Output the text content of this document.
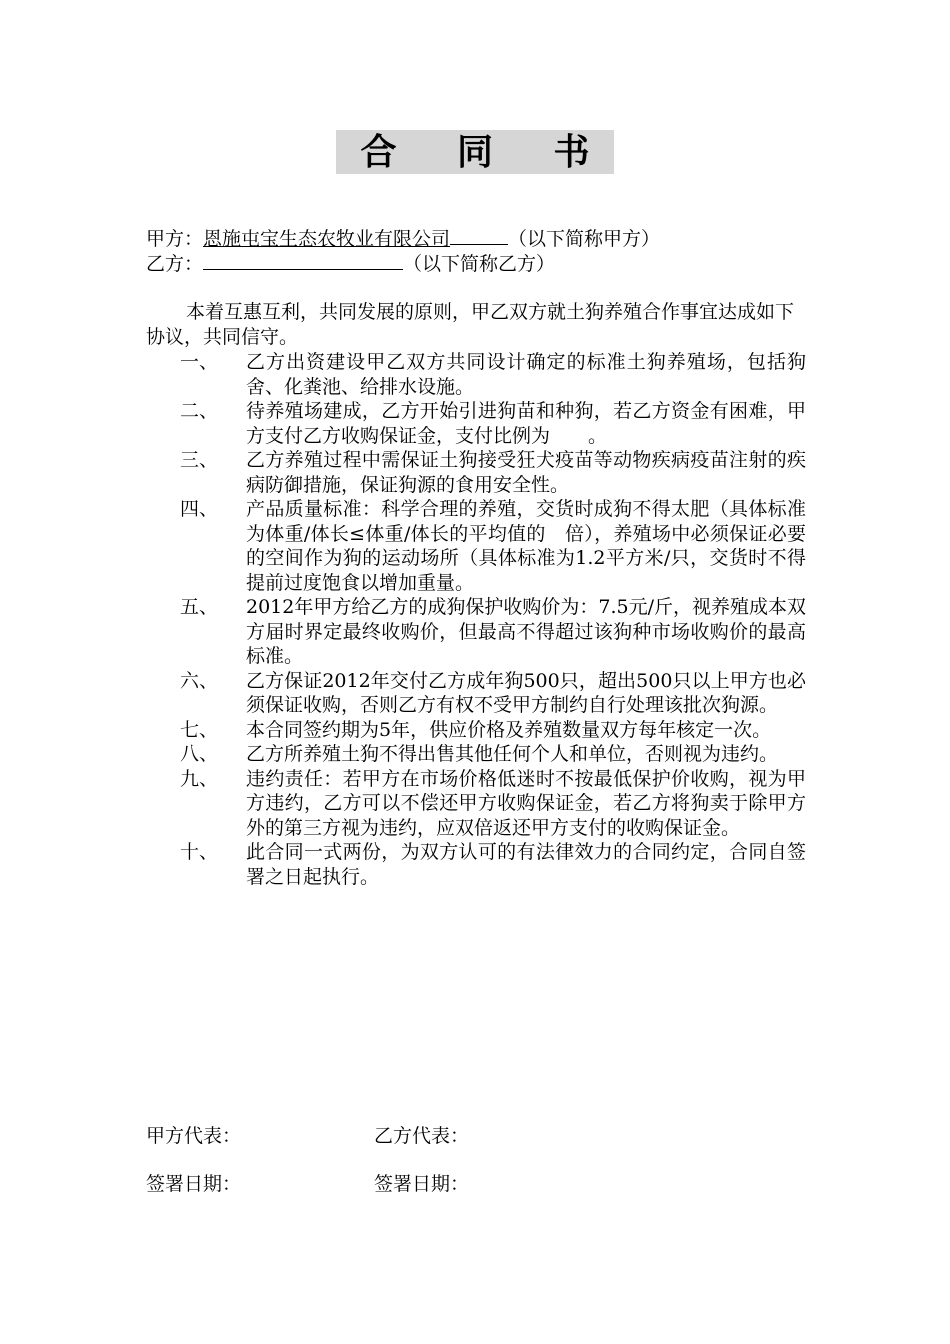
合 同 书
甲方：恩施屯宝生态农牧业有限公司	（以下简称甲方）
乙方：	（以下简称乙方）
本着互惠互利，共同发展的原则，甲乙双方就土狗养殖合作事宜达成如下协议，共同信守。
一、	乙方出资建设甲乙双方共同设计确定的标准土狗养殖场，包括狗舍、化粪池、给排水设施。
二、	待养殖场建成，乙方开始引进狗苗和种狗，若乙方资金有困难，甲方支付乙方收购保证金，支付比例为　　。
三、	乙方养殖过程中需保证土狗接受狂犬疫苗等动物疾病疫苗注射的疾病防御措施，保证狗源的食用安全性。
四、	产品质量标准：科学合理的养殖，交货时成狗不得太肥（具体标准为体重/体长≤体重/体长的平均值的　倍），养殖场中必须保证必要的空间作为狗的运动场所（具体标准为1.2平方米/只，交货时不得提前过度饱食以增加重量。
五、	2012年甲方给乙方的成狗保护收购价为：7.5元/斤，视养殖成本双方届时界定最终收购价，但最高不得超过该狗种市场收购价的最高标准。
六、	乙方保证2012年交付乙方成年狗500只，超出500只以上甲方也必须保证收购，否则乙方有权不受甲方制约自行处理该批次狗源。
七、	本合同签约期为5年，供应价格及养殖数量双方每年核定一次。
八、	乙方所养殖土狗不得出售其他任何个人和单位，否则视为违约。
九、	违约责任：若甲方在市场价格低迷时不按最低保护价收购，视为甲方违约，乙方可以不偿还甲方收购保证金，若乙方将狗卖于除甲方外的第三方视为违约，应双倍返还甲方支付的收购保证金。
十、	此合同一式两份，为双方认可的有法律效力的合同约定，合同自签署之日起执行。
甲方代表：	乙方代表：
签署日期：	签署日期：
